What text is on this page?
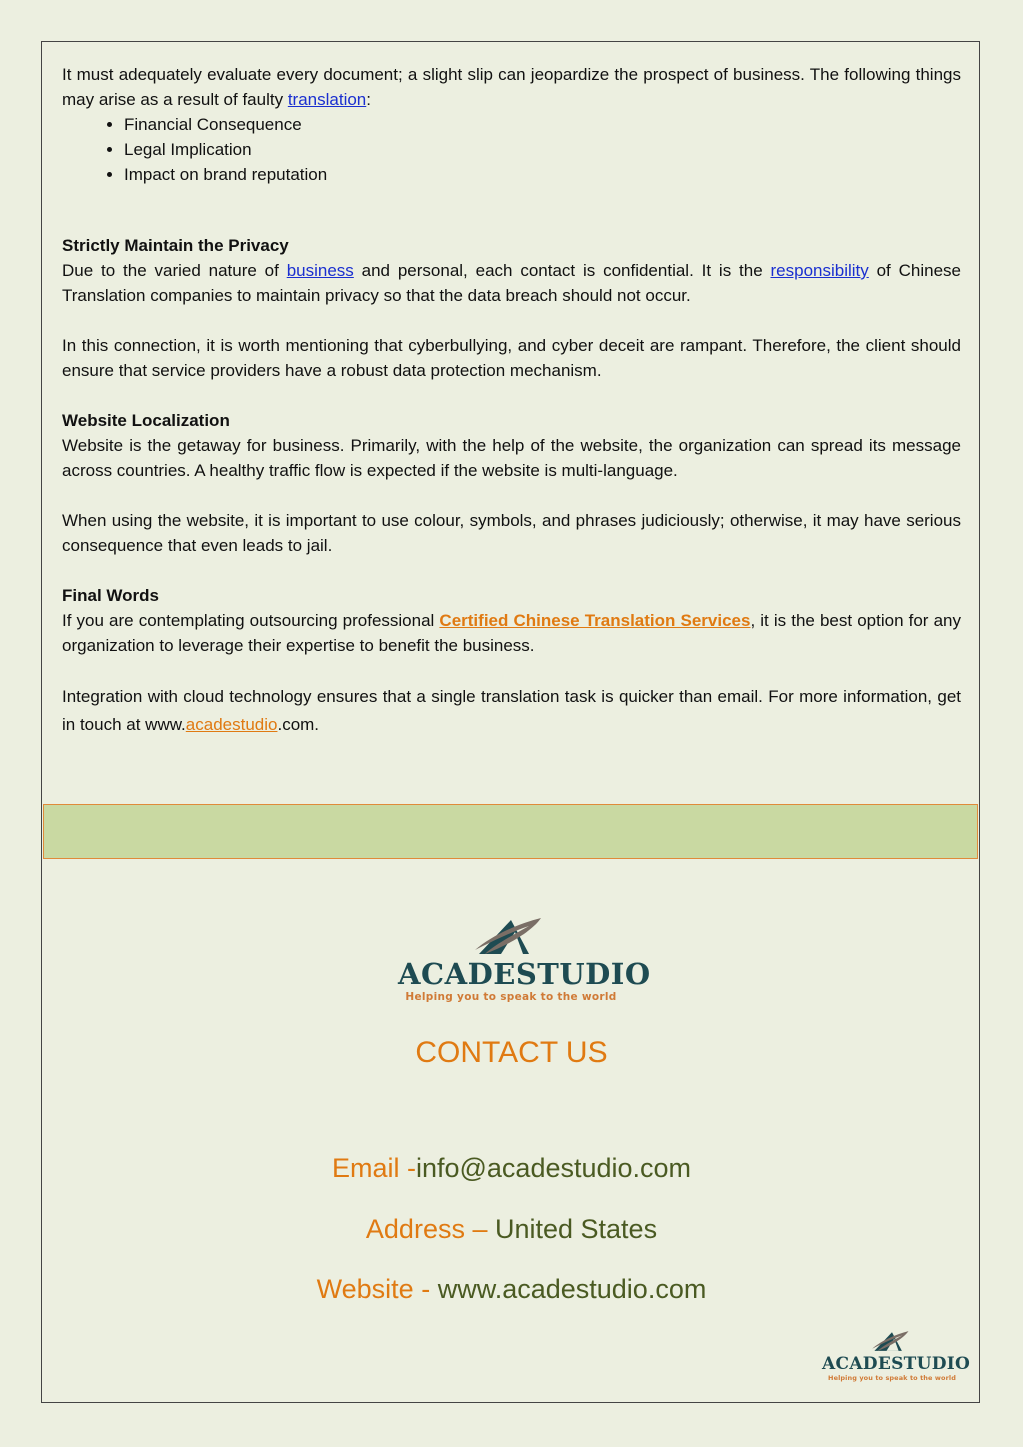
It must adequately evaluate every document; a slight slip can jeopardize the prospect of business. The following things may arise as a result of faulty translation:

• Financial Consequence
• Legal Implication
• Impact on brand reputation
Strictly Maintain the Privacy

Due to the varied nature of business and personal, each contact is confidential. It is the responsibility of Chinese Translation companies to maintain privacy so that the data breach should not occur.

In this connection, it is worth mentioning that cyberbullying, and cyber deceit are rampant. Therefore, the client should ensure that service providers have a robust data protection mechanism.

Website Localization

Website is the getaway for business. Primarily, with the help of the website, the organization can spread its message across countries. A healthy traffic flow is expected if the website is multi-language.

When using the website, it is important to use colour, symbols, and phrases judiciously; otherwise, it may have serious consequence that even leads to jail.

Final Words

If you are contemplating outsourcing professional Certified Chinese Translation Services, it is the best option for any organization to leverage their expertise to benefit the business.

Integration with cloud technology ensures that a single translation task is quicker than email. For more information, get in touch at www.acadestudio.com.

ACADESTUDIO
Helping you to speak to the world
CONTACT US
Email -info@acadestudio.com
Address – United States
Website - www.acadestudio.com
ACADESTUDIO
Helping you to speak to the world
